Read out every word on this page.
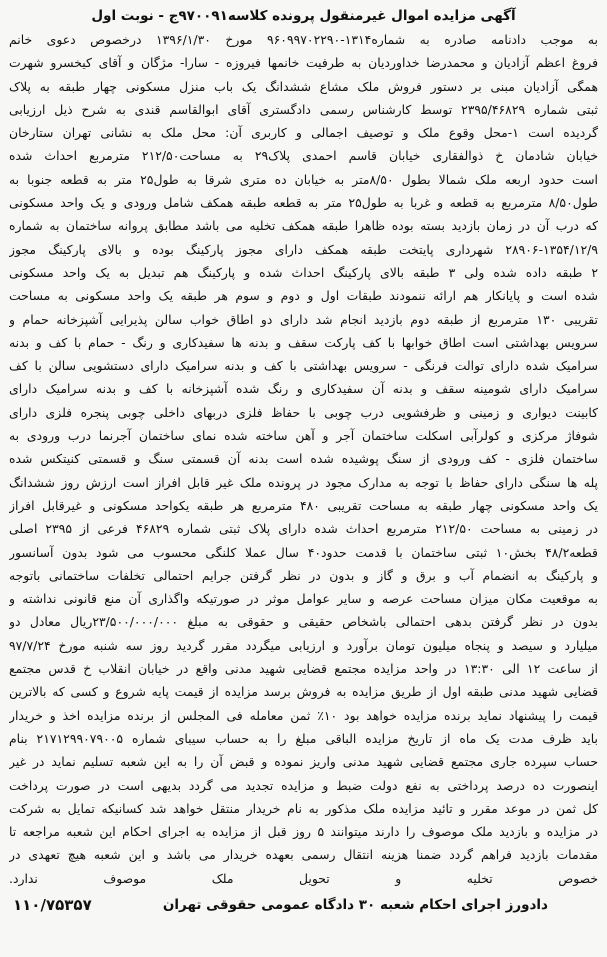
آگهی مزایده اموال غیرمنقول پرونده کلاسه۹۷۰۰۹۱ج - نوبت اول
به موجب دادنامه صادره به شماره۱۳۱۴-۹۶۰۹۹۷۰۲۲۹۰ مورخ ۱۳۹۶/۱/۳۰ درخصوص دعوی خانم
فروغ اعظم آزادیان و محمدرضا خداوردیان به طرفیت خانمها فیروزه - سارا- مژگان و آقای کیخسرو شهرت
همگی آزادیان مبنی بر دستور فروش ملک مشاع ششدانگ یک باب منزل مسکونی چهار طبقه به پلاک
ثبتی شماره ۲۳۹۵/۴۶۸۲۹ توسط کارشناس رسمی دادگستری آقای ابوالقاسم قندی به شرح ذیل ارزیابی
گردیده است ۱-محل وقوع ملک و توصیف اجمالی و کاربری آن: محل ملک به نشانی تهران ستارخان
خیابان شادمان خ ذوالفقاری خیابان قاسم احمدی پلاک۲۹ به مساحت۲۱۲/۵۰ مترمربع احداث شده
است حدود اربعه ملک شمالا بطول ۸/۵۰متر به خیابان ده متری شرقا به طول۲۵ متر به قطعه جنوبا به
طول۸/۵۰ مترمربع به قطعه و غربا به طول۲۵ متر به قطعه طبقه همکف شامل ورودی و یک واحد مسکونی
که درب آن در زمان بازدید بسته بوده ظاهرا طبقه همکف تخلیه می باشد مطابق پروانه ساختمان به شماره
۲۸۹۰۶-۱۳۵۴/۱۲/۹ شهرداری پایتخت طبقه همکف دارای مجوز پارکینگ بوده و بالای پارکینگ مجوز
۲ طبقه داده شده ولی ۳ طبقه بالای پارکینگ احداث شده و پارکینگ هم تبدیل به یک واحد مسکونی
شده است و پایانکار هم ارائه ننمودند طبقات اول و دوم و سوم هر طبقه یک واحد مسکونی به مساحت
تقریبی ۱۳۰ مترمربع از طبقه دوم بازدید انجام شد دارای دو اطاق خواب سالن پذیرایی آشپزخانه حمام و
سرویس بهداشتی است اطاق خوابها با کف پارکت سقف و بدنه ها سفیدکاری و رنگ - حمام با کف و بدنه
سرامیک شده دارای توالت فرنگی - سرویس بهداشتی با کف و بدنه سرامیک دارای دستشویی سالن با کف
سرامیک دارای شومینه سقف و بدنه آن سفیدکاری و رنگ شده آشپزخانه با کف و بدنه سرامیک دارای
کابینت دیواری و زمینی و ظرفشویی درب چوبی با حفاظ فلزی دربهای داخلی چوبی پنجره فلزی دارای
شوفاژ مرکزی و کولرآبی اسکلت ساختمان آجر و آهن ساخته شده نمای ساختمان آجرنما درب ورودی به
ساختمان فلزی - کف ورودی از سنگ پوشیده شده است بدنه آن قسمتی سنگ و قسمتی کنیتکس شده
پله ها سنگی دارای حفاظ با توجه به مدارک مجود در پرونده ملک غیر قابل افراز است ارزش روز ششدانگ
یک واحد مسکونی چهار طبقه به مساحت تقریبی ۴۸۰ مترمربع هر طبقه یکواحد مسکونی و غیرقابل افراز
در زمینی به مساحت ۲۱۲/۵۰ مترمربع احداث شده دارای پلاک ثبتی شماره ۴۶۸۲۹ فرعی از ۲۳۹۵ اصلی
قطعه۴۸/۲ بخش۱۰ ثبتی ساختمان با قدمت حدود۴۰ سال عملا کلنگی محسوب می شود بدون آسانسور
و پارکینگ به انضمام آب و برق و گاز و بدون در نظر گرفتن جرایم احتمالی تخلفات ساختمانی باتوجه
به موقعیت مکان میزان مساحت عرصه و سایر عوامل موثر در صورتیکه واگذاری آن منع قانونی نداشته و
بدون در نظر گرفتن بدهی احتمالی باشخاص حقیقی و حقوقی به مبلغ ۲۳/۵۰۰/۰۰۰/۰۰۰ریال معادل دو
میلیارد و سیصد و پنجاه میلیون تومان برآورد و ارزیابی میگردد مقرر گردید روز سه شنبه مورخ ۹۷/۷/۲۴
از ساعت ۱۲ الی ۱۳:۳۰ در واحد مزایده مجتمع قضایی شهید مدنی واقع در خیابان انقلاب خ قدس مجتمع
قضایی شهید مدنی طبقه اول از طریق مزایده به فروش برسد مزایده از قیمت پایه شروع و کسی که بالاترین
قیمت را پیشنهاد نماید برنده مزایده خواهد بود ۱۰٪ ثمن معامله فی المجلس از برنده مزایده اخذ و خریدار
باید ظرف مدت یک ماه از تاریخ مزایده الباقی مبلغ را به حساب سیبای شماره ۲۱۷۱۲۹۹۰۷۹۰۰۵ بنام
حساب سپرده جاری مجتمع قضایی شهید مدنی واریز نموده و قبض آن را به این شعبه تسلیم نماید در غیر
اینصورت ده درصد پرداختی به نفع دولت ضبط و مزایده تجدید می گردد بدیهی است در صورت پرداخت
کل ثمن در موعد مقرر و تائید مزایده ملک مذکور به نام خریدار منتقل خواهد شد کسانیکه تمایل به شرکت
در مزایده و بازدید ملک موصوف را دارند میتوانند ۵ روز قبل از مزایده به اجرای احکام این شعبه مراجعه تا
مقدمات بازدید فراهم گردد ضمنا هزینه انتقال رسمی بعهده خریدار می باشد و این شعبه هیچ تعهدی در
خصوص تخلیه و تحویل ملک موصوف ندارد.
دادورز اجرای احکام شعبه ۳۰ دادگاه عمومی حقوقی تهران
۱۱۰/۷۵۳۵۷
